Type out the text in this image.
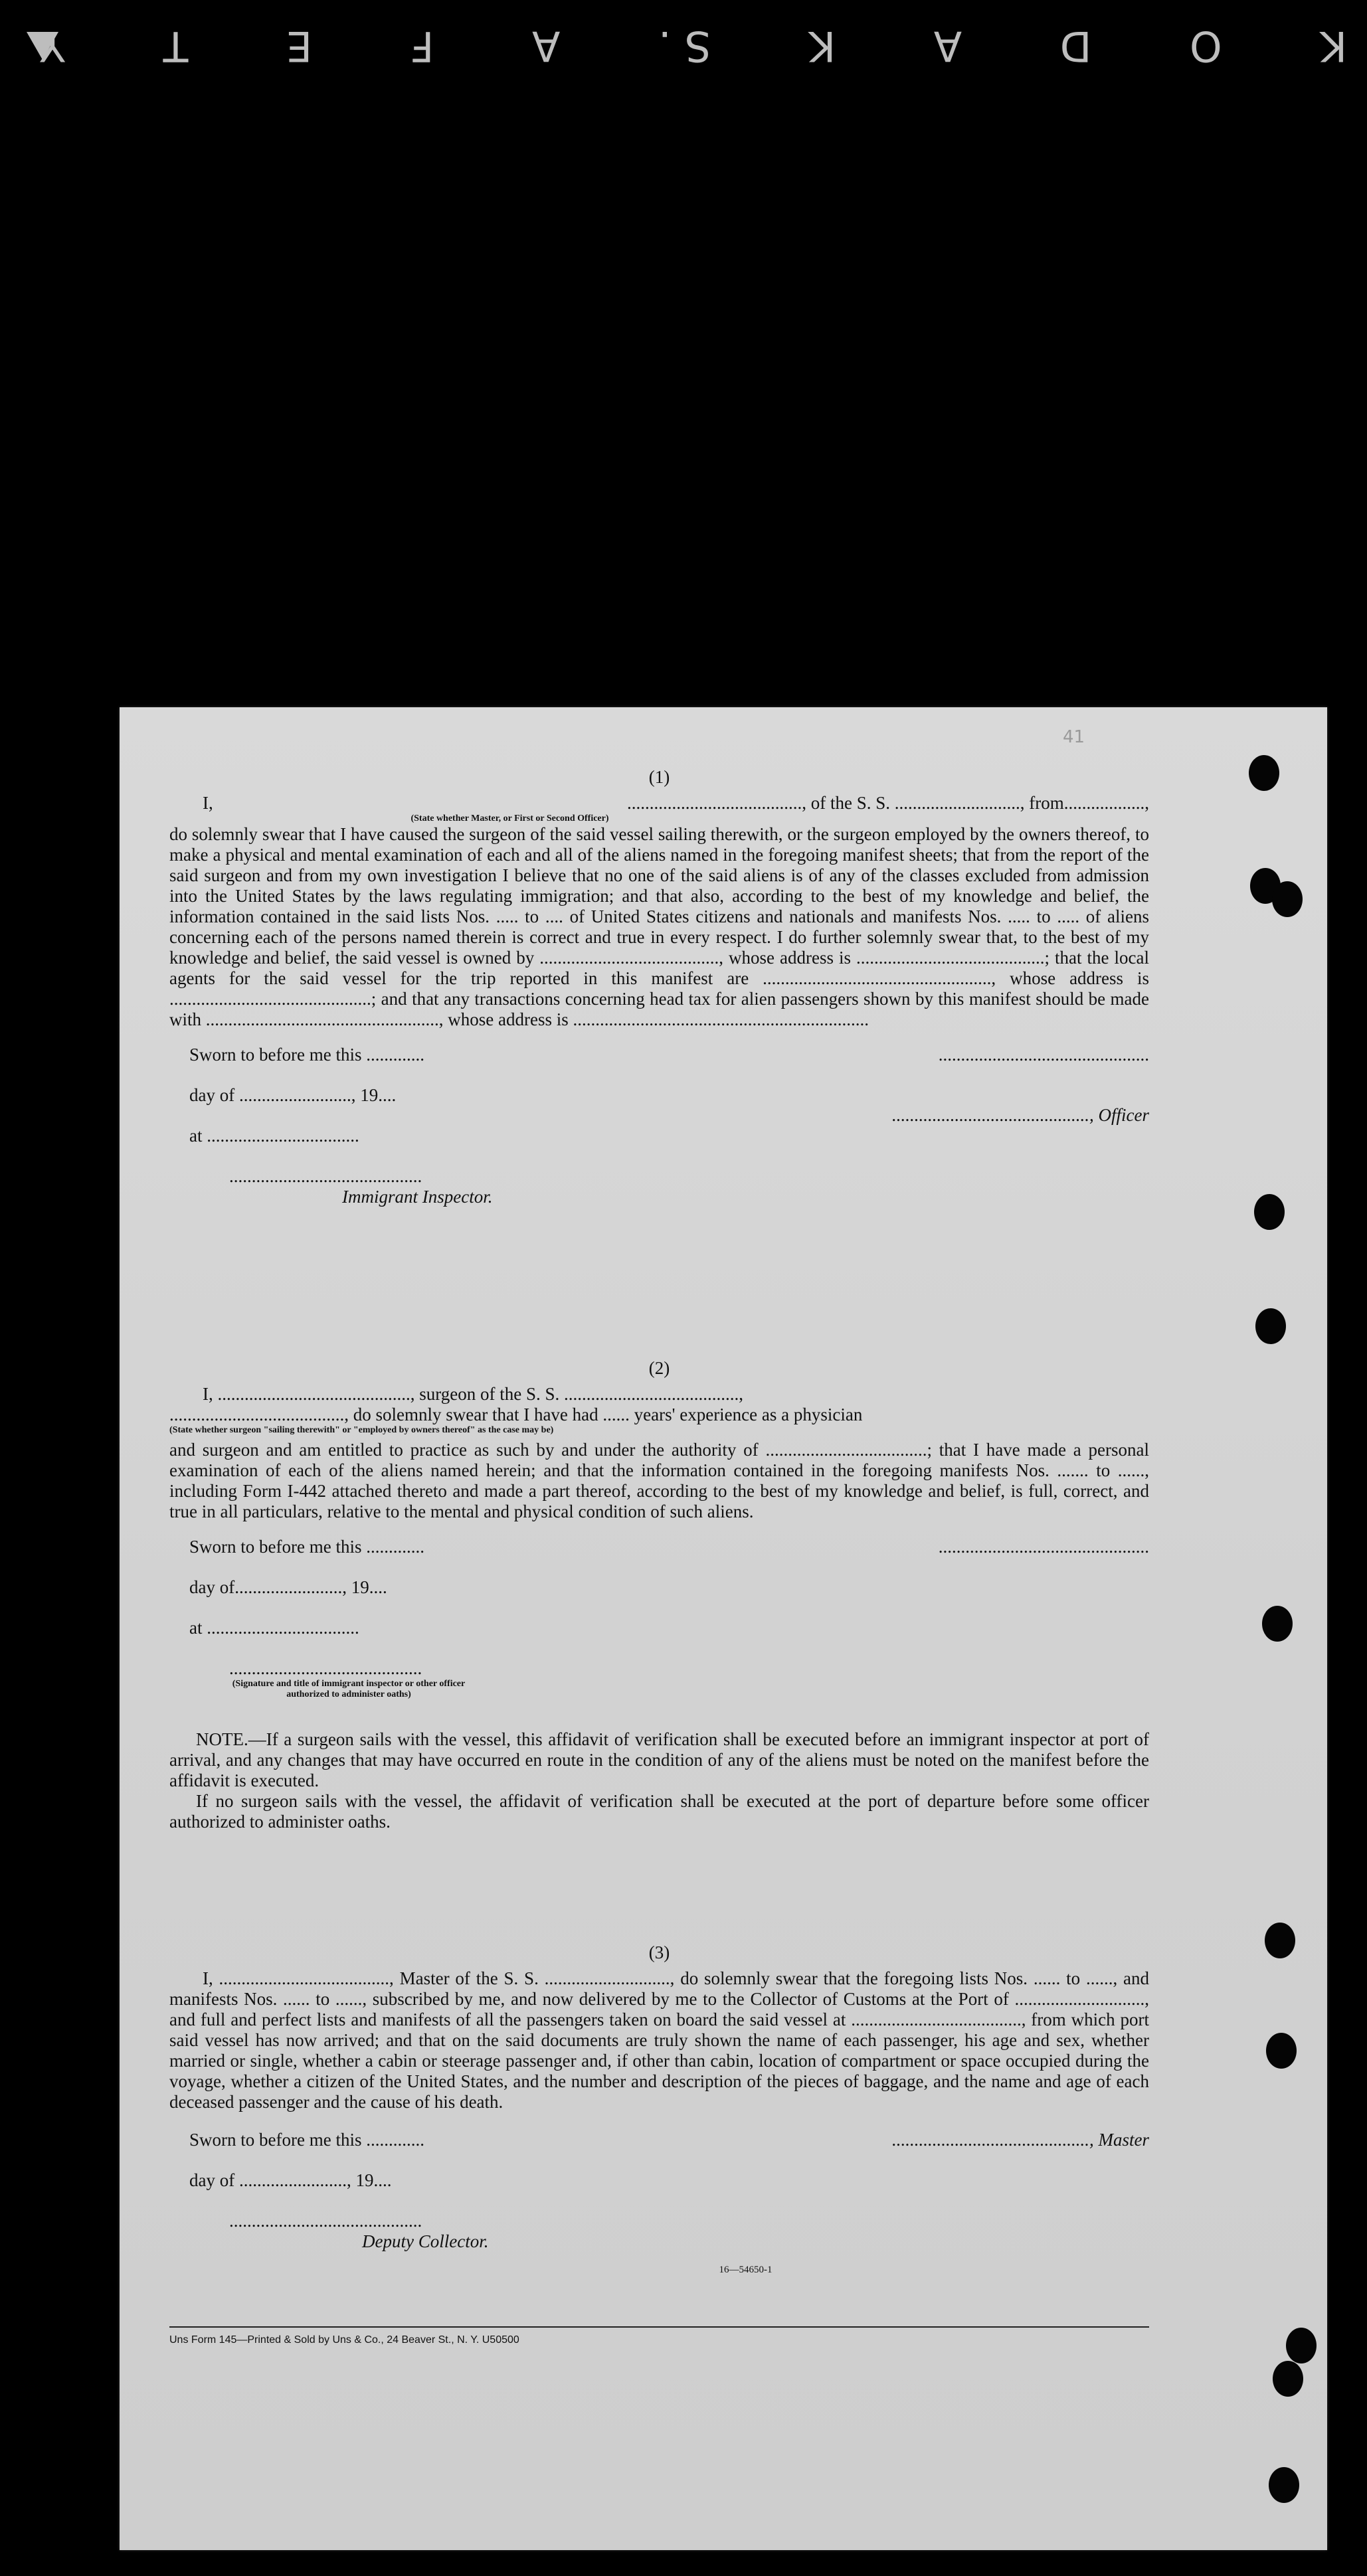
K
O
D
A
K
S.
A
F
E
T
Y
41
(1)
I,	......................................., of the S. S. ............................, from..................,
(State whether Master, or First or Second Officer)
do solemnly swear that I have caused the surgeon of the said vessel sailing therewith, or the surgeon employed by the owners thereof, to make a physical and mental examination of each and all of the aliens named in the foregoing manifest sheets; that from the report of the said surgeon and from my own investigation I believe that no one of the said aliens is of any of the classes excluded from admission into the United States by the laws regulating immigration; and that also, according to the best of my knowledge and belief, the information contained in the said lists Nos. ..... to .... of United States citizens and nationals and manifests Nos. ..... to ..... of aliens concerning each of the persons named therein is correct and true in every respect. I do further solemnly swear that, to the best of my knowledge and belief, the said vessel is owned by ........................................, whose address is ..........................................; that the local agents for the said vessel for the trip reported in this manifest are ..................................................., whose address is .............................................; and that any transactions concerning head tax for alien passengers shown by this manifest should be made with ...................................................., whose address is ..................................................................
Sworn to before me this .............
day of ........................., 19....
at ..................................
...........................................
Immigrant Inspector.
...............................................
............................................, Officer
(2)
I, ..........................................., surgeon of the S. S. .......................................,
......................................., do solemnly swear that I have had ...... years' experience as a physician
(State whether surgeon "sailing therewith" or "employed by owners thereof" as the case may be)
and surgeon and am entitled to practice as such by and under the authority of ....................................; that I have made a personal examination of each of the aliens named herein; and that the information contained in the foregoing manifests Nos. ....... to ......, including Form I-442 attached thereto and made a part thereof, according to the best of my knowledge and belief, is full, correct, and true in all particulars, relative to the mental and physical condition of such aliens.
Sworn to before me this .............
day of........................, 19....
at ..................................
...........................................
(Signature and title of immigrant inspector or other officer authorized to administer oaths)
...............................................

NOTE.—If a surgeon sails with the vessel, this affidavit of verification shall be executed before an immigrant inspector at port of arrival, and any changes that may have occurred en route in the condition of any of the aliens must be noted on the manifest before the affidavit is executed.

If no surgeon sails with the vessel, the affidavit of verification shall be executed at the port of departure before some officer authorized to administer oaths.

(3)
I, ......................................, Master of the S. S. ............................, do solemnly swear that the foregoing lists Nos. ...... to ......, and manifests Nos. ...... to ......, subscribed by me, and now delivered by me to the Collector of Customs at the Port of ............................., and full and perfect lists and manifests of all the passengers taken on board the said vessel at ......................................, from which port said vessel has now arrived; and that on the said documents are truly shown the name of each passenger, his age and sex, whether married or single, whether a cabin or steerage passenger and, if other than cabin, location of compartment or space occupied during the voyage, whether a citizen of the United States, and the number and description of the pieces of baggage, and the name and age of each deceased passenger and the cause of his death.
Sworn to before me this .............
day of ........................, 19....
...........................................
Deputy Collector.
............................................, Master
16—54650-1
Uns Form 145—Printed & Sold by Uns & Co., 24 Beaver St., N. Y. U50500
